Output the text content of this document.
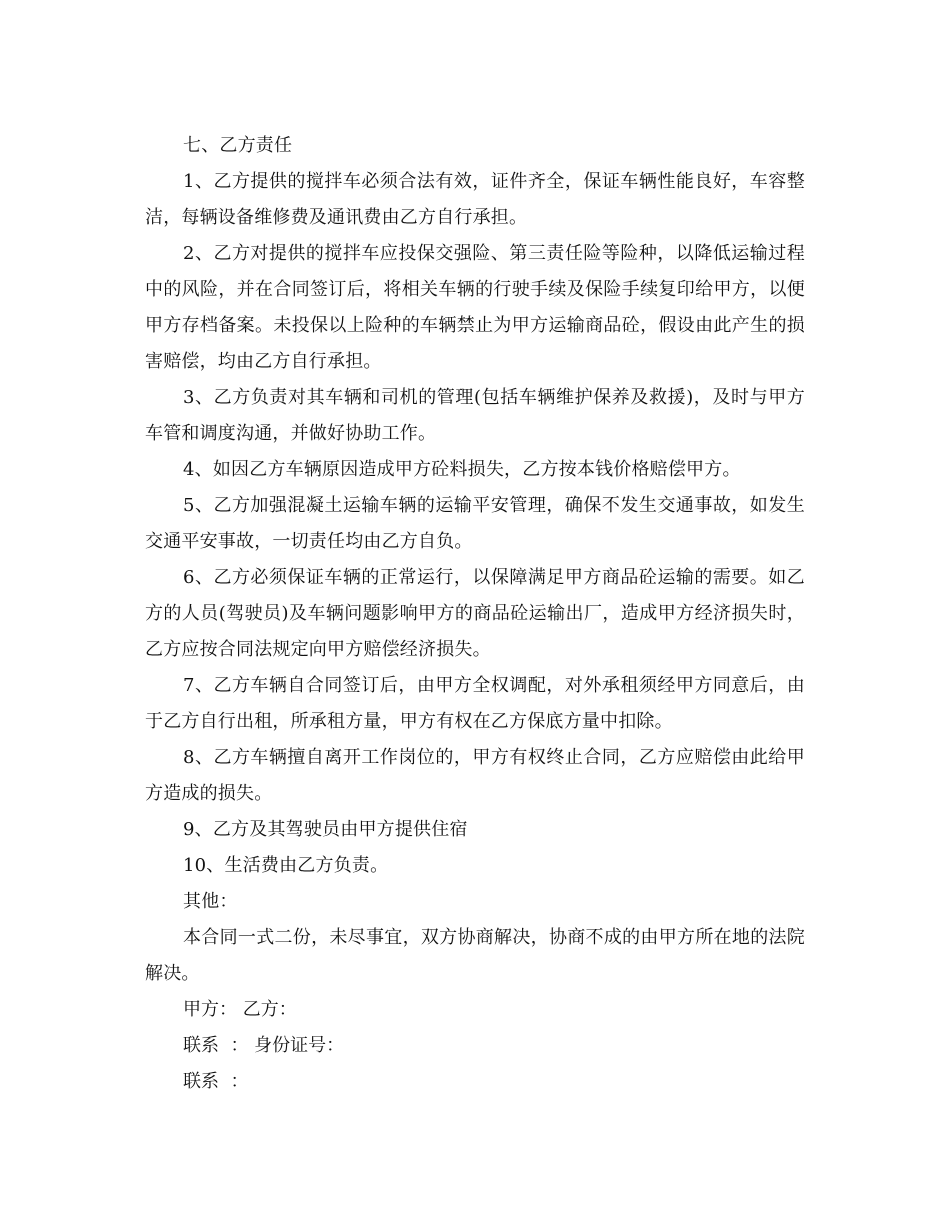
七、乙方责任

1、乙方提供的搅拌车必须合法有效，证件齐全，保证车辆性能良好，车容整洁，每辆设备维修费及通讯费由乙方自行承担。

2、乙方对提供的搅拌车应投保交强险、第三责任险等险种，以降低运输过程中的风险，并在合同签订后，将相关车辆的行驶手续及保险手续复印给甲方，以便甲方存档备案。未投保以上险种的车辆禁止为甲方运输商品砼，假设由此产生的损害赔偿，均由乙方自行承担。

3、乙方负责对其车辆和司机的管理(包括车辆维护保养及救援)，及时与甲方车管和调度沟通，并做好协助工作。

4、如因乙方车辆原因造成甲方砼料损失，乙方按本钱价格赔偿甲方。

5、乙方加强混凝土运输车辆的运输平安管理，确保不发生交通事故，如发生交通平安事故，一切责任均由乙方自负。

6、乙方必须保证车辆的正常运行，以保障满足甲方商品砼运输的需要。如乙方的人员(驾驶员)及车辆问题影响甲方的商品砼运输出厂，造成甲方经济损失时，乙方应按合同法规定向甲方赔偿经济损失。

7、乙方车辆自合同签订后，由甲方全权调配，对外承租须经甲方同意后，由于乙方自行出租，所承租方量，甲方有权在乙方保底方量中扣除。

8、乙方车辆擅自离开工作岗位的，甲方有权终止合同，乙方应赔偿由此给甲方造成的损失。

9、乙方及其驾驶员由甲方提供住宿

10、生活费由乙方负责。

其他：

本合同一式二份，未尽事宜，双方协商解决，协商不成的由甲方所在地的法院解决。

甲方： 乙方：

联系  ： 身份证号：

联系  ：
